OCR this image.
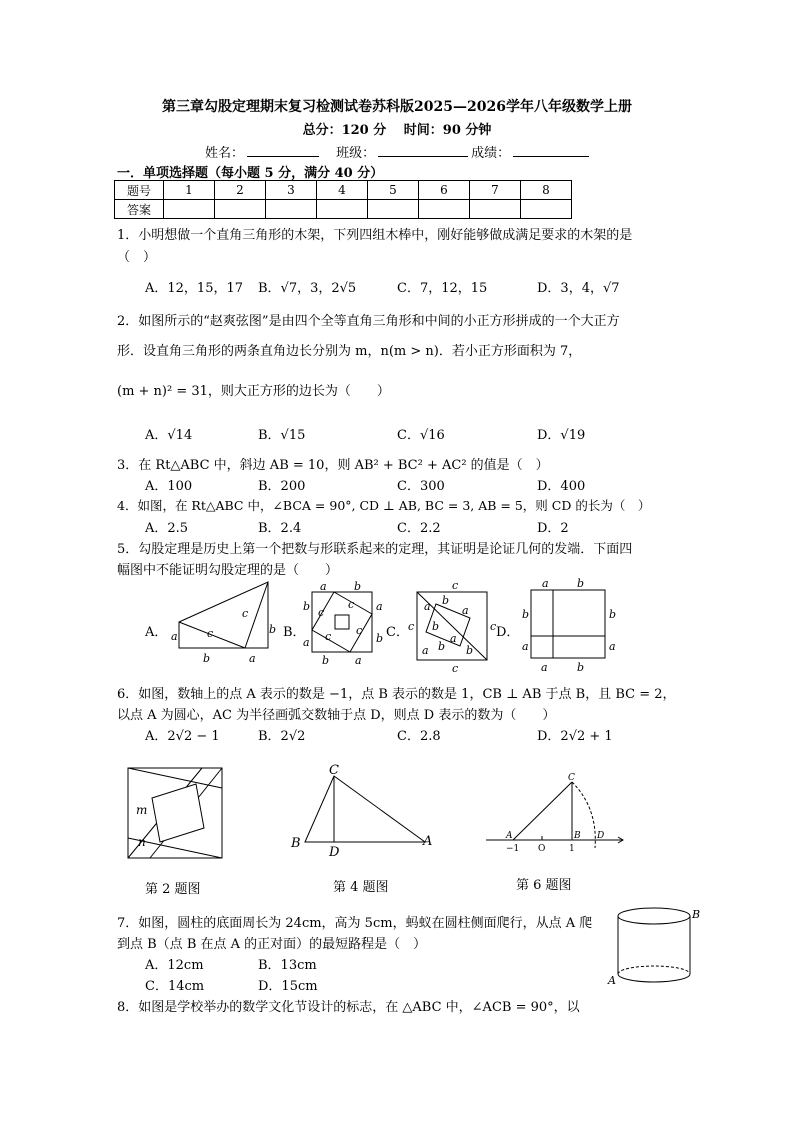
第三章勾股定理期末复习检测试卷苏科版2025—2026学年八年级数学上册
总分：120 分　 时间：90 分钟
姓名：	班级：	成绩：
一．单项选择题（每小题 5 分，满分 40 分）
题号	1	2	3	4	5	6	7	8
答案								
1．小明想做一个直角三角形的木架，下列四组木棒中，刚好能够做成满足要求的木架的是
（　）
A．12，15，17 B．√7，3，2√5	C．7，12，15	D．3，4，√7
2．如图所示的“赵爽弦图”是由四个全等直角三角形和中间的小正方形拼成的一个大正方
形．设直角三角形的两条直角边长分别为 m，n(m > n)．若小正方形面积为 7，
(m + n)² = 31，则大正方形的边长为（　　）
A．√14	B．√15	C．√16	D．√19
3．在 Rt△ABC 中，斜边 AB = 10，则 AB² + BC² + AC² 的值是（　）
A．100	B．200	C．300	D．400
4．如图，在 Rt△ABC 中，∠BCA = 90°, CD ⊥ AB, BC = 3, AB = 5，则 CD 的长为（　）
A．2.5	B．2.4	C．2.2	D．2
5．勾股定理是历史上第一个把数与形联系起来的定理，其证明是论证几何的发端．下面四
幅图中不能证明勾股定理的是（　　）
A．	B．	C．	D．
a
b
c
c
b
a
a b
a
b
b a
b
a
c
c
c
c
c
c
a b
a
b
a
b
a	b
c	c
a	b
b
a
b
a
a	b
6．如图，数轴上的点 A 表示的数是 −1，点 B 表示的数是 1，CB ⊥ AB 于点 B，且 BC = 2，
以点 A 为圆心，AC 为半径画弧交数轴于点 D，则点 D 表示的数为（　　）
A．2√2 − 1	B．2√2	C．2.8	D．2√2 + 1
m
n
第 2 题图
C
B
D
A
第 4 题图
C
A	B D
−1 O	1
第 6 题图
7．如图，圆柱的底面周长为 24cm，高为 5cm，蚂蚁在圆柱侧面爬行，从点 A 爬
到点 B（点 B 在点 A 的正对面）的最短路程是（　）
A．12cm	B．13cm
C．14cm	D．15cm
B
A
8．如图是学校举办的数学文化节设计的标志，在 △ABC 中，∠ACB = 90°，以
